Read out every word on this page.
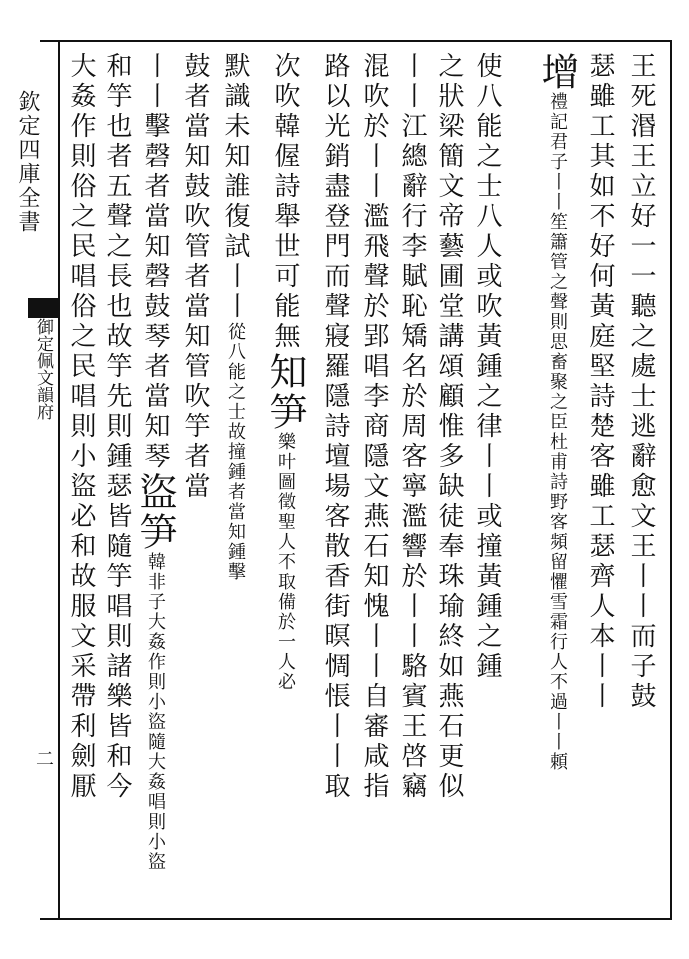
欽定四庫全書
御定佩文韻府
二
王死湣王立好一一聽之處士逃辭愈文王丨丨而子鼓
瑟雖工其如不好何黃庭堅詩楚客雖工瑟齊人本丨丨
增禮記君子丨丨笙簫管之聲則思畜聚之臣杜甫詩野客頻留懼雪霜行人不過丨丨頼
使八能之士八人或吹黃鍾之律丨丨或撞黃鍾之鍾
之狀梁簡文帝藝圃堂講頌顧惟多缺徒奉珠瑜終如燕石更似
丨丨江總辭行李賦恥矯名於周客寧濫響於丨丨駱賓王啓竊
混吹於丨丨濫飛聲於郢唱李商隱文燕石知愧丨丨自審咸指
路以光銷盡登門而聲寢羅隱詩壇場客散香街暝惆悵丨丨取
次吹韓偓詩舉世可能無知笋樂叶圖徵聖人不取備於一人必
默識未知誰復試丨丨從八能之士故撞鍾者當知鍾擊
鼓者當知鼓吹管者當知管吹竽者當
丨丨擊磬者當知磬鼓琴者當知琴盜笋韓非子大姦作則小盜隨大姦唱則小盜
和竽也者五聲之長也故竽先則鍾瑟皆隨竽唱則諸樂皆和今
大姦作則俗之民唱俗之民唱則小盜必和故服文采帶利劍厭
